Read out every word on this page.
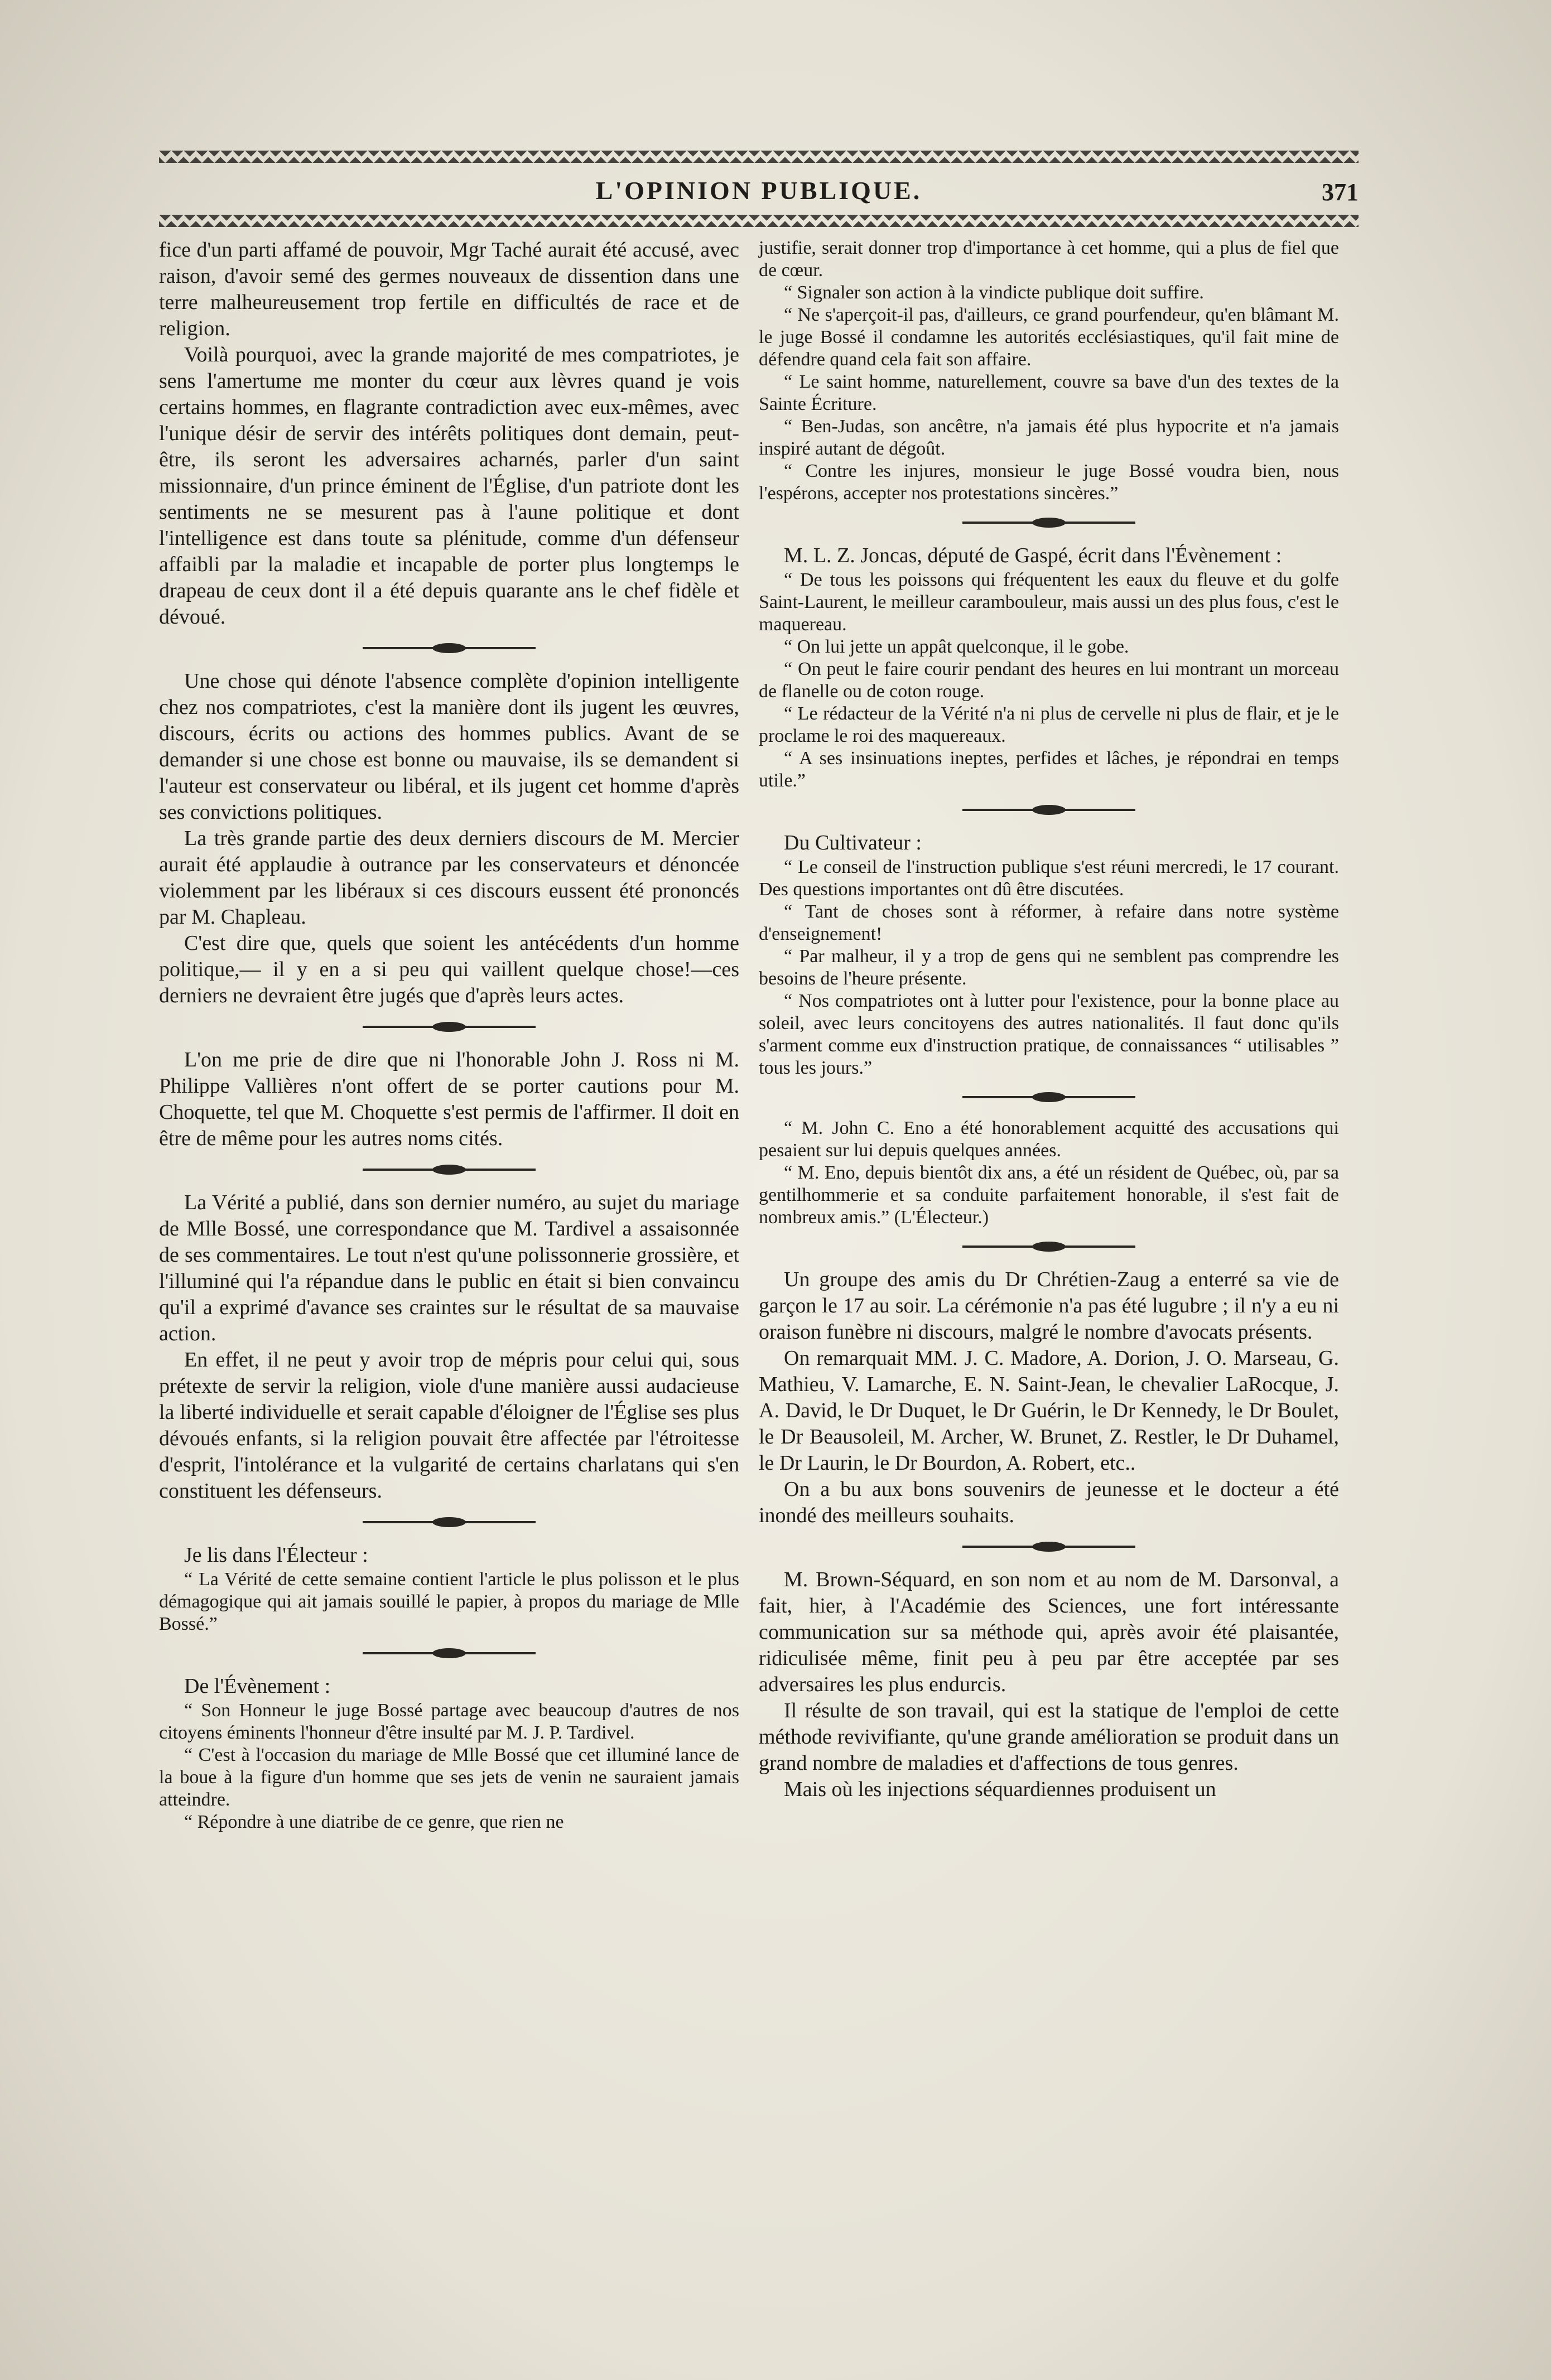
L'OPINION PUBLIQUE.	371

fice d'un parti affamé de pouvoir, Mgr Taché aurait été accusé, avec raison, d'avoir semé des germes nouveaux de dissention dans une terre malheureusement trop fertile en difficultés de race et de religion.

Voilà pourquoi, avec la grande majorité de mes compatriotes, je sens l'amertume me monter du cœur aux lèvres quand je vois certains hommes, en flagrante contradiction avec eux-mêmes, avec l'unique désir de servir des intérêts politiques dont demain, peut-être, ils seront les adversaires acharnés, parler d'un saint missionnaire, d'un prince éminent de l'Église, d'un patriote dont les sentiments ne se mesurent pas à l'aune politique et dont l'intelligence est dans toute sa plénitude, comme d'un défenseur affaibli par la maladie et incapable de porter plus longtemps le drapeau de ceux dont il a été depuis quarante ans le chef fidèle et dévoué.

Une chose qui dénote l'absence complète d'opinion intelligente chez nos compatriotes, c'est la manière dont ils jugent les œuvres, discours, écrits ou actions des hommes publics. Avant de se demander si une chose est bonne ou mauvaise, ils se demandent si l'auteur est conservateur ou libéral, et ils jugent cet homme d'après ses convictions politiques.

La très grande partie des deux derniers discours de M. Mercier aurait été applaudie à outrance par les conservateurs et dénoncée violemment par les libéraux si ces discours eussent été prononcés par M. Chapleau.

C'est dire que, quels que soient les antécédents d'un homme politique,— il y en a si peu qui vaillent quelque chose!—ces derniers ne devraient être jugés que d'après leurs actes.

L'on me prie de dire que ni l'honorable John J. Ross ni M. Philippe Vallières n'ont offert de se porter cautions pour M. Choquette, tel que M. Choquette s'est permis de l'affirmer. Il doit en être de même pour les autres noms cités.

La Vérité a publié, dans son dernier numéro, au sujet du mariage de Mlle Bossé, une correspondance que M. Tardivel a assaisonnée de ses commentaires. Le tout n'est qu'une polissonnerie grossière, et l'illuminé qui l'a répandue dans le public en était si bien convaincu qu'il a exprimé d'avance ses craintes sur le résultat de sa mauvaise action.

En effet, il ne peut y avoir trop de mépris pour celui qui, sous prétexte de servir la religion, viole d'une manière aussi audacieuse la liberté individuelle et serait capable d'éloigner de l'Église ses plus dévoués enfants, si la religion pouvait être affectée par l'étroitesse d'esprit, l'intolérance et la vulgarité de certains charlatans qui s'en constituent les défenseurs.

Je lis dans l'Électeur :

“ La Vérité de cette semaine contient l'article le plus polisson et le plus démagogique qui ait jamais souillé le papier, à propos du mariage de Mlle Bossé.”

De l'Évènement :

“ Son Honneur le juge Bossé partage avec beaucoup d'autres de nos citoyens éminents l'honneur d'être insulté par M. J. P. Tardivel.

“ C'est à l'occasion du mariage de Mlle Bossé que cet illuminé lance de la boue à la figure d'un homme que ses jets de venin ne sauraient jamais atteindre.

“ Répondre à une diatribe de ce genre, que rien ne

justifie, serait donner trop d'importance à cet homme, qui a plus de fiel que de cœur.

“ Signaler son action à la vindicte publique doit suffire.

“ Ne s'aperçoit-il pas, d'ailleurs, ce grand pourfendeur, qu'en blâmant M. le juge Bossé il condamne les autorités ecclésiastiques, qu'il fait mine de défendre quand cela fait son affaire.

“ Le saint homme, naturellement, couvre sa bave d'un des textes de la Sainte Écriture.

“ Ben-Judas, son ancêtre, n'a jamais été plus hypocrite et n'a jamais inspiré autant de dégoût.

“ Contre les injures, monsieur le juge Bossé voudra bien, nous l'espérons, accepter nos protestations sincères.”

M. L. Z. Joncas, député de Gaspé, écrit dans l'Évènement :

“ De tous les poissons qui fréquentent les eaux du fleuve et du golfe Saint-Laurent, le meilleur carambouleur, mais aussi un des plus fous, c'est le maquereau.

“ On lui jette un appât quelconque, il le gobe.

“ On peut le faire courir pendant des heures en lui montrant un morceau de flanelle ou de coton rouge.

“ Le rédacteur de la Vérité n'a ni plus de cervelle ni plus de flair, et je le proclame le roi des maquereaux.

“ A ses insinuations ineptes, perfides et lâches, je répondrai en temps utile.”

Du Cultivateur :

“ Le conseil de l'instruction publique s'est réuni mercredi, le 17 courant. Des questions importantes ont dû être discutées.

“ Tant de choses sont à réformer, à refaire dans notre système d'enseignement!

“ Par malheur, il y a trop de gens qui ne semblent pas comprendre les besoins de l'heure présente.

“ Nos compatriotes ont à lutter pour l'existence, pour la bonne place au soleil, avec leurs concitoyens des autres nationalités. Il faut donc qu'ils s'arment comme eux d'instruction pratique, de connaissances “ utilisables ” tous les jours.”

“ M. John C. Eno a été honorablement acquitté des accusations qui pesaient sur lui depuis quelques années.

“ M. Eno, depuis bientôt dix ans, a été un résident de Québec, où, par sa gentilhommerie et sa conduite parfaitement honorable, il s'est fait de nombreux amis.” (L'Électeur.)

Un groupe des amis du Dr Chrétien-Zaug a enterré sa vie de garçon le 17 au soir. La cérémonie n'a pas été lugubre ; il n'y a eu ni oraison funèbre ni discours, malgré le nombre d'avocats présents.

On remarquait MM. J. C. Madore, A. Dorion, J. O. Marseau, G. Mathieu, V. Lamarche, E. N. Saint-Jean, le chevalier LaRocque, J. A. David, le Dr Duquet, le Dr Guérin, le Dr Kennedy, le Dr Boulet, le Dr Beausoleil, M. Archer, W. Brunet, Z. Restler, le Dr Duhamel, le Dr Laurin, le Dr Bourdon, A. Robert, etc..

On a bu aux bons souvenirs de jeunesse et le docteur a été inondé des meilleurs souhaits.

M. Brown-Séquard, en son nom et au nom de M. Darsonval, a fait, hier, à l'Académie des Sciences, une fort intéressante communication sur sa méthode qui, après avoir été plaisantée, ridiculisée même, finit peu à peu par être acceptée par ses adversaires les plus endurcis.

Il résulte de son travail, qui est la statique de l'emploi de cette méthode revivifiante, qu'une grande amélioration se produit dans un grand nombre de maladies et d'affections de tous genres.

Mais où les injections séquardiennes produisent un
